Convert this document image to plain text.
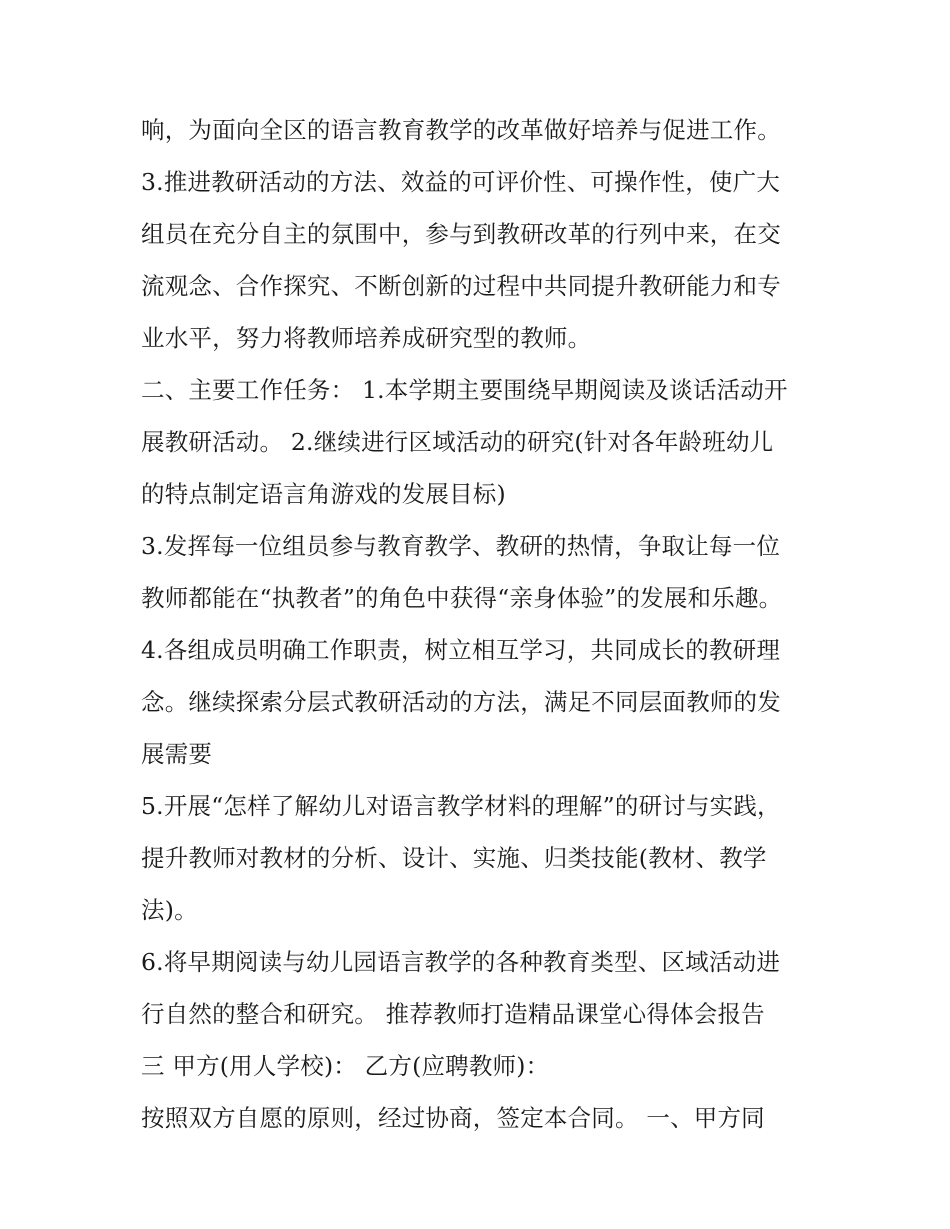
响，为面向全区的语言教育教学的改革做好培养与促进工作。
3.推进教研活动的方法、效益的可评价性、可操作性，使广大
组员在充分自主的氛围中，参与到教研改革的行列中来，在交
流观念、合作探究、不断创新的过程中共同提升教研能力和专
业水平，努力将教师培养成研究型的教师。
二、主要工作任务： 1.本学期主要围绕早期阅读及谈话活动开
展教研活动。 2.继续进行区域活动的研究(针对各年龄班幼儿
的特点制定语言角游戏的发展目标)
3.发挥每一位组员参与教育教学、教研的热情，争取让每一位
教师都能在“执教者”的角色中获得“亲身体验”的发展和乐趣。
4.各组成员明确工作职责，树立相互学习，共同成长的教研理
念。继续探索分层式教研活动的方法，满足不同层面教师的发
展需要
5.开展“怎样了解幼儿对语言教学材料的理解”的研讨与实践，
提升教师对教材的分析、设计、实施、归类技能(教材、教学
法)。
6.将早期阅读与幼儿园语言教学的各种教育类型、区域活动进
行自然的整合和研究。 推荐教师打造精品课堂心得体会报告
三 甲方(用人学校)： 乙方(应聘教师)：
按照双方自愿的原则，经过协商，签定本合同。 一、甲方同
